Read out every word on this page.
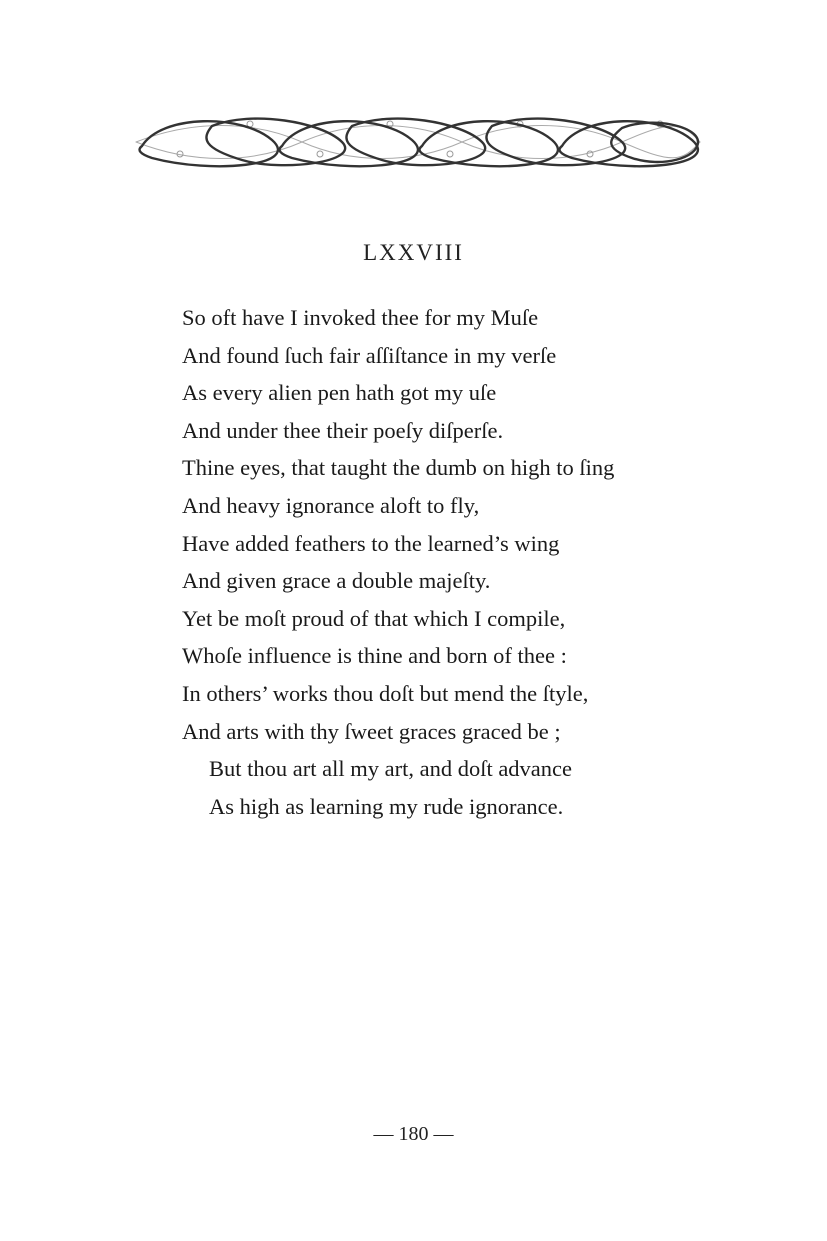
LXXVIII
So oft have I invoked thee for my Muſe
And found ſuch fair aſſiſtance in my verſe
As every alien pen hath got my uſe
And under thee their poeſy diſperſe.
Thine eyes, that taught the dumb on high to ſing
And heavy ignorance aloft to fly,
Have added feathers to the learned’s wing
And given grace a double majeſty.
Yet be moſt proud of that which I compile,
Whoſe influence is thine and born of thee :
In others’ works thou doſt but mend the ſtyle,
And arts with thy ſweet graces graced be ;
But thou art all my art, and doſt advance
As high as learning my rude ignorance.
— 180 —
